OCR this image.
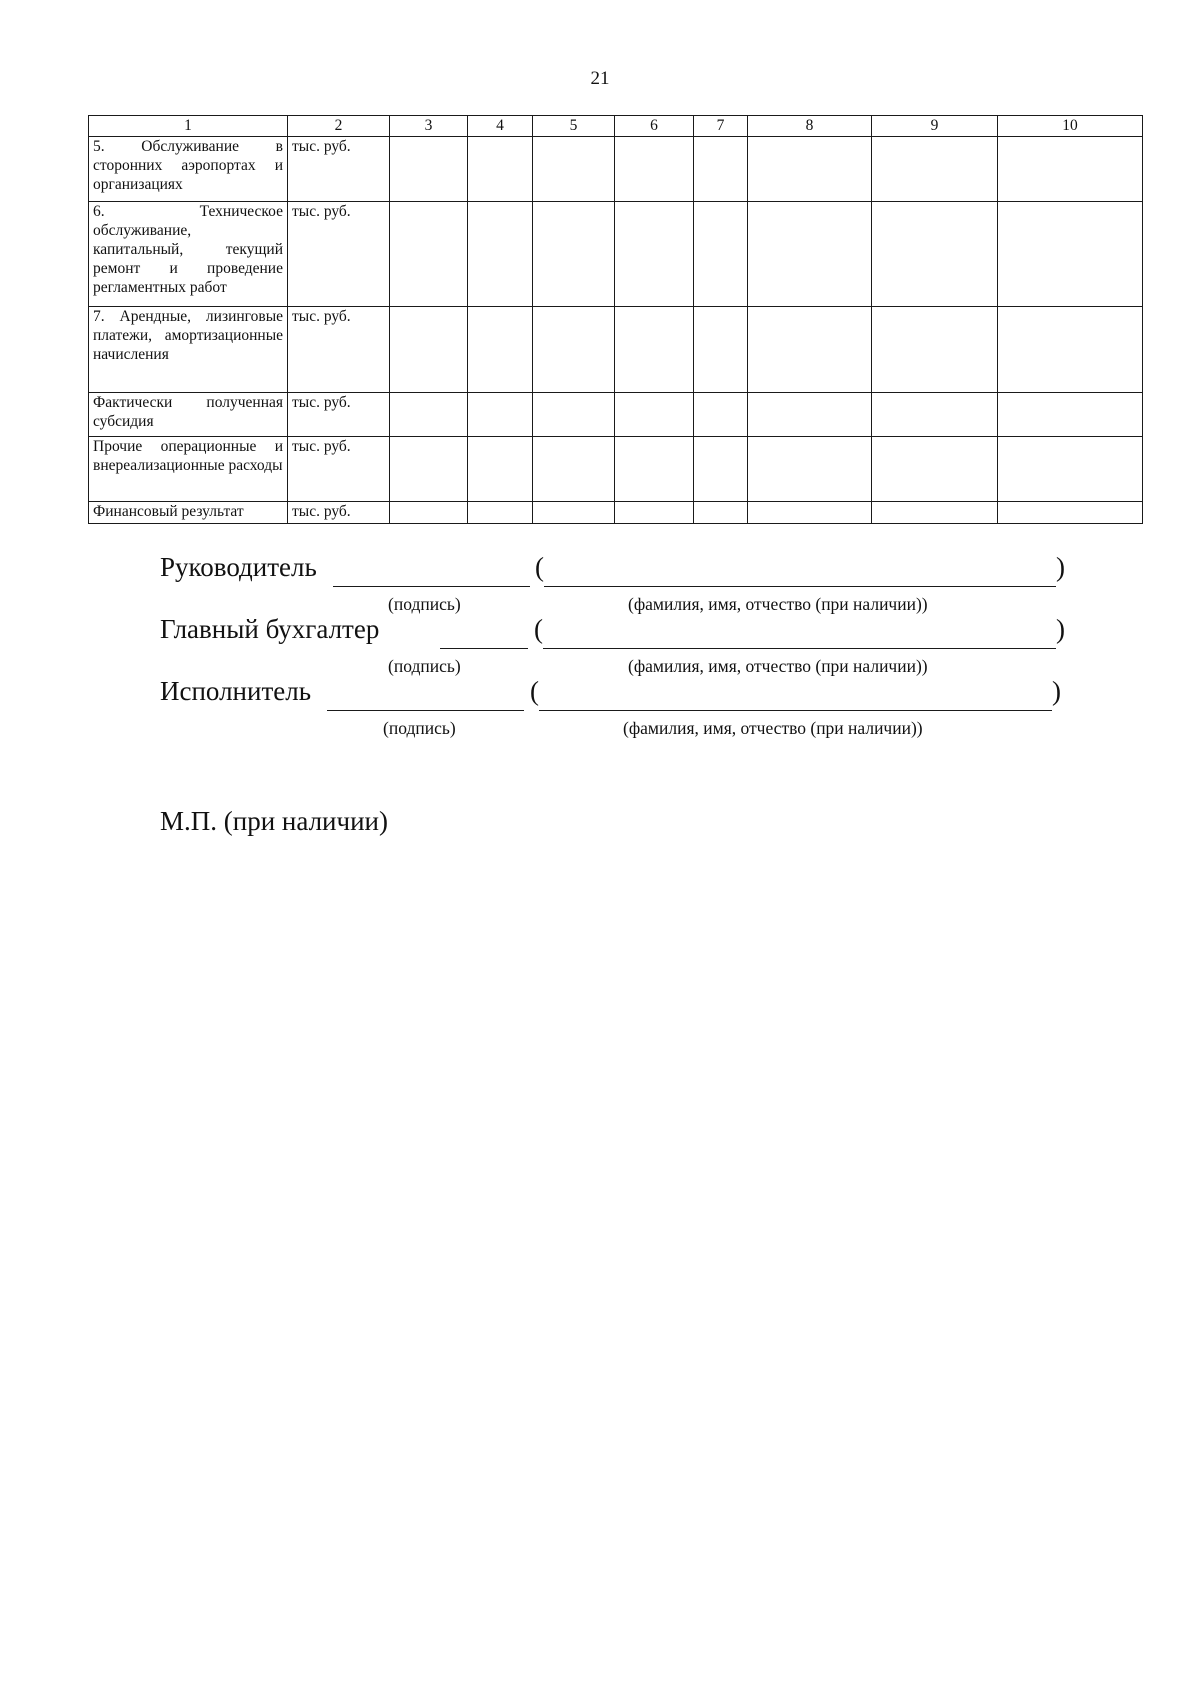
21
1	2	3	4	5	6	7	8	9	10
5. Обслуживание в сторонних аэропортах и организациях	тыс. руб.								
6. Техническое обслуживание, капитальный, текущий ремонт и проведение регламентных работ	тыс. руб.								
7. Арендные, лизинговые платежи, амортизационные начисления	тыс. руб.								
Фактически полученная субсидия	тыс. руб.								
Прочие операционные и внереализационные расходы	тыс. руб.								
Финансовый результат	тыс. руб.								
Руководитель	(	)
(подпись)	(фамилия, имя, отчество (при наличии))
Главный бухгалтер	(	)
(подпись)	(фамилия, имя, отчество (при наличии))
Исполнитель	(	)
(подпись)	(фамилия, имя, отчество (при наличии))
М.П. (при наличии)
